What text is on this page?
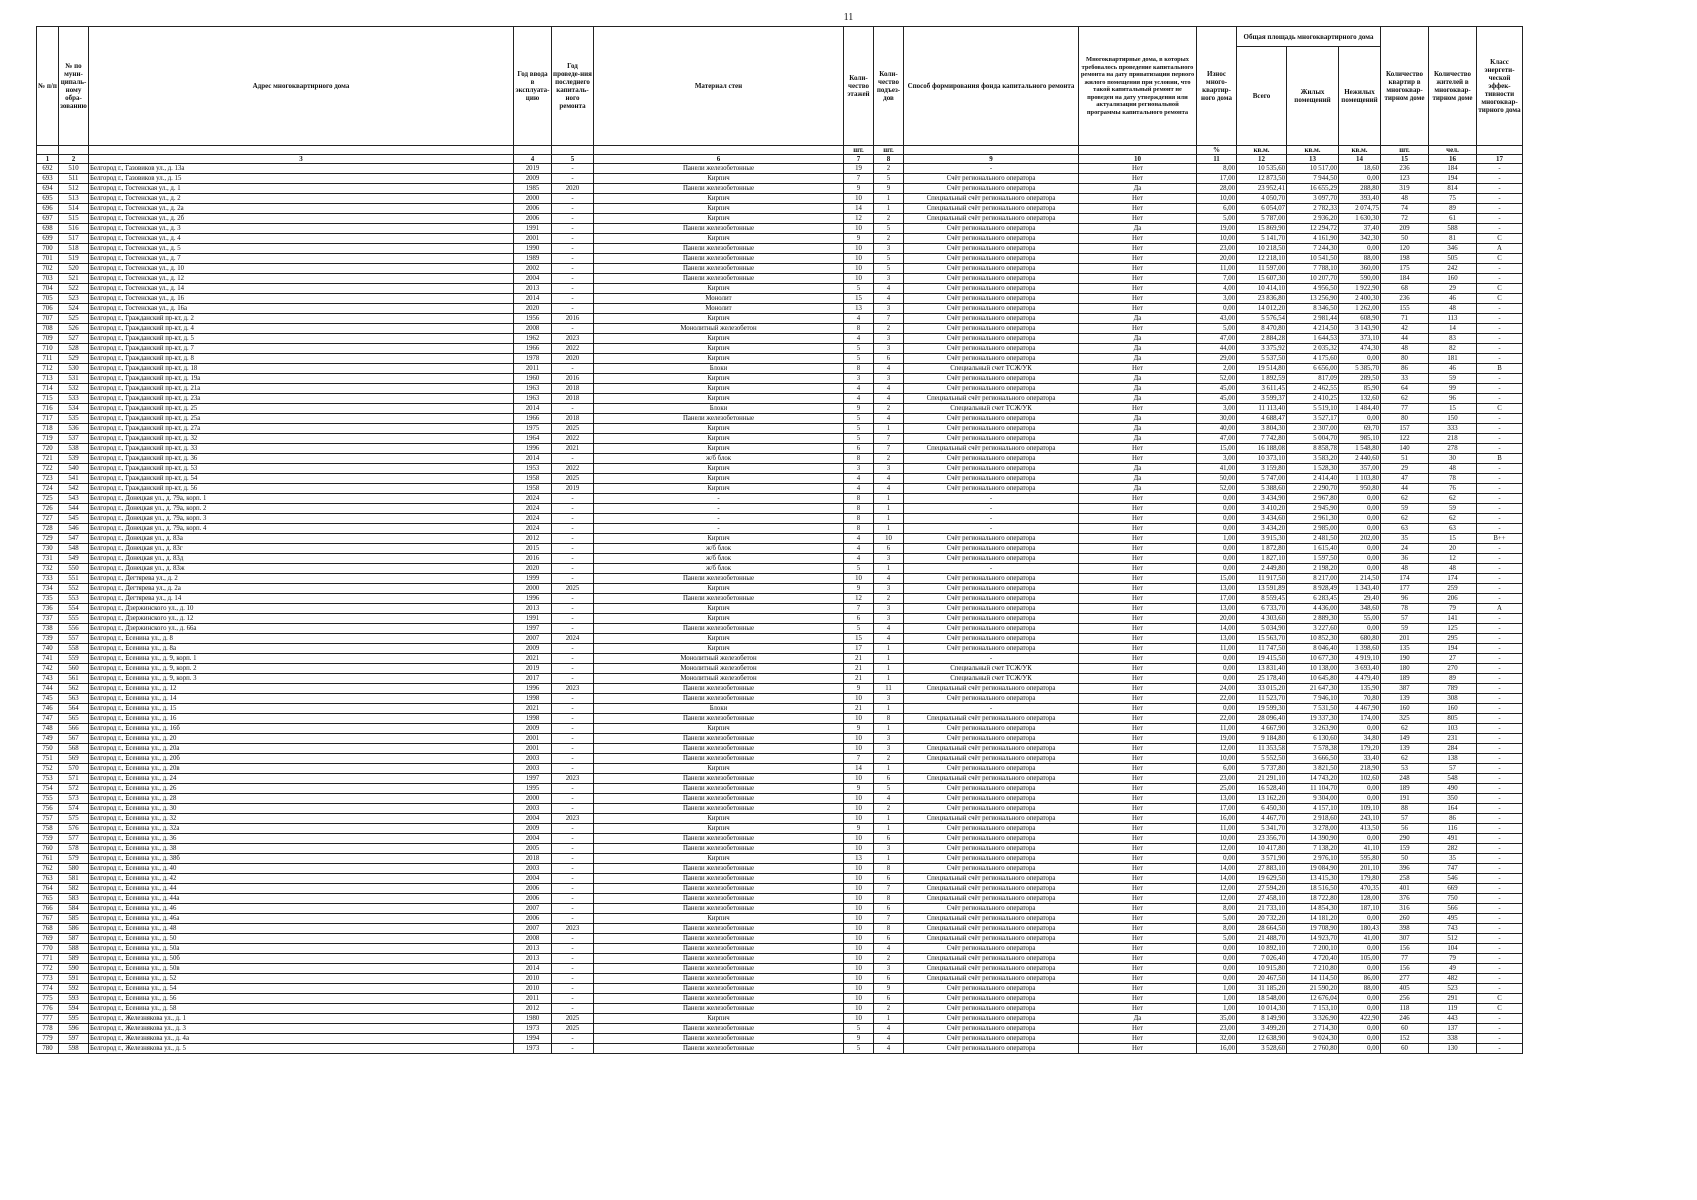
11
№ п/п	№ по муни-ципаль-ному обра-зованию	Адрес многоквартирного дома	Год ввода в эксплуата-цию	Год проведе-ния последнего капиталь-ного ремонта	Материал стен	Коли-чество этажей	Коли-чество подъез-дов	Способ формирования фонда капитального ремонта	Многоквартирные дома, в которых требовалось проведение капитального ремонта на дату приватизации первого жилого помещения при условии, что такой капитальный ремонт не проведен на дату утверждения или актуализации региональной программы капитального ремонта	Износ много-квартир-ного дома	Общая площадь многоквартирного дома			Количество квартир в многоквар-тирном доме	Количество жителей в многоквар-тирном доме	Класс энергети-ческой эффек-тивности многоквар-тирного дома
											Всего	Жилых помещений	Нежилых помещений			
						шт.	шт.			%	кв.м.	кв.м.	кв.м.	шт.	чел.	
1	2	3	4	5	6	7	8	9	10	11	12	13	14	15	16	17
692	510	Белгород г., Газовиков ул., д. 13а	2019	-	Панели железобетонные	19	2	-	Нет	8,00	10 535,60	10 517,00	18,60	236	184	-
693	511	Белгород г., Газовиков ул., д. 15	2009	-	Кирпич	7	5	Счёт регионального оператора	Нет	17,00	12 873,50	7 944,50	0,00	123	194	-
694	512	Белгород г., Гостенская ул., д. 1	1985	2020	Панели железобетонные	9	9	Счёт регионального оператора	Да	28,00	23 952,41	16 655,29	288,80	319	814	-
695	513	Белгород г., Гостенская ул., д. 2	2000	-	Кирпич	10	1	Специальный счёт регионального оператора	Нет	10,00	4 050,70	3 097,70	393,40	48	75	-
696	514	Белгород г., Гостенская ул., д. 2а	2006	-	Кирпич	14	1	Специальный счёт регионального оператора	Нет	6,00	6 054,07	2 782,33	2 074,75	74	89	-
697	515	Белгород г., Гостенская ул., д. 2б	2006	-	Кирпич	12	2	Специальный счёт регионального оператора	Нет	5,00	5 787,00	2 936,20	1 630,30	72	61	-
698	516	Белгород г., Гостенская ул., д. 3	1991	-	Панели железобетонные	10	5	Счёт регионального оператора	Да	19,00	15 869,90	12 294,72	37,40	209	588	-
699	517	Белгород г., Гостенская ул., д. 4	2001	-	Кирпич	9	2	Счёт регионального оператора	Нет	10,00	5 141,70	4 161,90	342,30	50	81	С
700	518	Белгород г., Гостенская ул., д. 5	1990	-	Панели железобетонные	10	3	Счёт регионального оператора	Нет	23,00	10 218,50	7 244,30	0,00	120	346	А
701	519	Белгород г., Гостенская ул., д. 7	1989	-	Панели железобетонные	10	5	Счёт регионального оператора	Нет	20,00	12 218,10	10 541,50	88,00	198	505	С
702	520	Белгород г., Гостенская ул., д. 10	2002	-	Панели железобетонные	10	5	Счёт регионального оператора	Нет	11,00	11 597,00	7 788,10	360,00	175	242	-
703	521	Белгород г., Гостенская ул., д. 12	2004	-	Панели железобетонные	10	3	Счёт регионального оператора	Нет	7,00	15 607,30	10 207,70	590,00	184	160	-
704	522	Белгород г., Гостенская ул., д. 14	2013	-	Кирпич	5	4	Счёт регионального оператора	Нет	4,00	10 414,10	4 956,50	1 922,90	68	29	С
705	523	Белгород г., Гостенская ул., д. 16	2014	-	Монолит	15	4	Счёт регионального оператора	Нет	3,00	23 836,80	13 256,90	2 400,30	236	46	С
706	524	Белгород г., Гостенская ул., д. 16а	2020	-	Монолит	13	3	Счёт регионального оператора	Нет	0,00	14 012,20	8 346,50	1 262,00	155	48	-
707	525	Белгород г., Гражданский пр-кт, д. 2	1956	2016	Кирпич	4	7	Счёт регионального оператора	Да	43,00	5 576,54	2 981,44	608,90	71	113	-
708	526	Белгород г., Гражданский пр-кт, д. 4	2008	-	Монолитный железобетон	8	2	Счёт регионального оператора	Нет	5,00	8 470,80	4 214,50	3 143,90	42	14	-
709	527	Белгород г., Гражданский пр-кт, д. 5	1962	2023	Кирпич	4	3	Счёт регионального оператора	Да	47,00	2 884,28	1 644,53	373,10	44	83	-
710	528	Белгород г., Гражданский пр-кт, д. 7	1966	2022	Кирпич	5	3	Счёт регионального оператора	Да	44,00	3 375,92	2 035,32	474,30	48	82	-
711	529	Белгород г., Гражданский пр-кт, д. 8	1978	2020	Кирпич	5	6	Счёт регионального оператора	Да	29,00	5 537,50	4 175,60	0,00	80	181	-
712	530	Белгород г., Гражданский пр-кт, д. 18	2011	-	Блоки	8	4	Специальный счет ТСЖ/УК	Нет	2,00	19 514,80	6 656,00	5 385,70	86	46	В
713	531	Белгород г., Гражданский пр-кт, д. 19а	1960	2016	Кирпич	3	3	Счёт регионального оператора	Да	52,00	1 892,59	817,09	289,50	33	59	-
714	532	Белгород г., Гражданский пр-кт, д. 21а	1963	2018	Кирпич	4	4	Счёт регионального оператора	Да	45,00	3 611,45	2 462,55	85,90	64	99	-
715	533	Белгород г., Гражданский пр-кт, д. 23а	1963	2018	Кирпич	4	4	Специальный счёт регионального оператора	Да	45,00	3 599,37	2 410,25	132,60	62	96	-
716	534	Белгород г., Гражданский пр-кт, д. 25	2014	-	Блоки	9	2	Специальный счет ТСЖ/УК	Нет	3,00	11 113,40	5 519,10	1 484,40	77	15	С
717	535	Белгород г., Гражданский пр-кт, д. 25а	1966	2018	Панели железобетонные	5	4	Счёт регионального оператора	Да	30,00	4 688,47	3 527,17	0,00	80	150	-
718	536	Белгород г., Гражданский пр-кт, д. 27а	1975	2025	Кирпич	5	1	Счёт регионального оператора	Да	40,00	3 804,30	2 307,00	69,70	157	333	-
719	537	Белгород г., Гражданский пр-кт, д. 32	1964	2022	Кирпич	5	7	Счёт регионального оператора	Да	47,00	7 742,80	5 004,70	985,10	122	218	-
720	538	Белгород г., Гражданский пр-кт, д. 33	1996	2021	Кирпич	6	7	Специальный счёт регионального оператора	Нет	15,00	16 188,08	8 858,78	1 548,80	140	278	-
721	539	Белгород г., Гражданский пр-кт, д. 36	2014	-	ж/б блок	8	2	Счёт регионального оператора	Нет	3,00	10 373,10	3 583,20	2 440,60	51	30	В
722	540	Белгород г., Гражданский пр-кт, д. 53	1953	2022	Кирпич	3	3	Счёт регионального оператора	Да	41,00	3 159,80	1 528,30	357,00	29	48	-
723	541	Белгород г., Гражданский пр-кт, д. 54	1958	2025	Кирпич	4	4	Счёт регионального оператора	Да	50,00	5 747,00	2 414,40	1 103,80	47	78	-
724	542	Белгород г., Гражданский пр-кт, д. 56	1958	2019	Кирпич	4	4	Счёт регионального оператора	Да	52,00	5 388,60	2 290,70	950,80	44	76	-
725	543	Белгород г., Донецкая ул., д. 79а, корп. 1	2024	-	-	8	1	-	Нет	0,00	3 434,90	2 967,80	0,00	62	62	-
726	544	Белгород г., Донецкая ул., д. 79а, корп. 2	2024	-	-	8	1	-	Нет	0,00	3 410,20	2 945,90	0,00	59	59	-
727	545	Белгород г., Донецкая ул., д. 79а, корп. 3	2024	-	-	8	1	-	Нет	0,00	3 434,60	2 961,30	0,00	62	62	-
728	546	Белгород г., Донецкая ул., д. 79а, корп. 4	2024	-	-	8	1	-	Нет	0,00	3 434,20	2 985,00	0,00	63	63	-
729	547	Белгород г., Донецкая ул., д. 83а	2012	-	Кирпич	4	10	Счёт регионального оператора	Нет	1,00	3 915,30	2 481,50	202,00	35	15	В++
730	548	Белгород г., Донецкая ул., д. 83г	2015	-	ж/б блок	4	6	Счёт регионального оператора	Нет	0,00	1 872,80	1 615,40	0,00	24	20	-
731	549	Белгород г., Донецкая ул., д. 83д	2016	-	ж/б блок	4	3	Счёт регионального оператора	Нет	0,00	1 827,10	1 597,50	0,00	36	12	-
732	550	Белгород г., Донецкая ул., д. 83ж	2020	-	ж/б блок	5	1	-	Нет	0,00	2 449,80	2 198,20	0,00	48	48	-
733	551	Белгород г., Дегтярева ул., д. 2	1999	-	Панели железобетонные	10	4	Счёт регионального оператора	Нет	15,00	11 917,50	8 217,00	214,50	174	174	-
734	552	Белгород г., Дегтярева ул., д. 2а	2000	2025	Кирпич	9	3	Счёт регионального оператора	Нет	13,00	13 591,89	8 928,49	1 343,40	177	259	-
735	553	Белгород г., Дегтярева ул., д. 14	1996	-	Панели железобетонные	12	2	Счёт регионального оператора	Нет	17,00	8 559,45	6 283,45	29,40	96	206	-
736	554	Белгород г., Дзержинского ул., д. 10	2013	-	Кирпич	7	3	Счёт регионального оператора	Нет	13,00	6 733,70	4 436,00	348,60	78	79	А
737	555	Белгород г., Дзержинского ул., д. 12	1991	-	Кирпич	6	3	Счёт регионального оператора	Нет	20,00	4 303,60	2 889,30	55,00	57	141	-
738	556	Белгород г., Дзержинского ул., д. 66а	1997	-	Панели железобетонные	5	4	Счёт регионального оператора	Нет	14,00	5 034,90	3 227,60	0,00	59	125	-
739	557	Белгород г., Есенина ул., д. 8	2007	2024	Кирпич	15	4	Счёт регионального оператора	Нет	13,00	15 563,70	10 852,30	680,80	201	295	-
740	558	Белгород г., Есенина ул., д. 8а	2009	-	Кирпич	17	1	Счёт регионального оператора	Нет	11,00	11 747,50	8 046,40	1 398,60	135	194	-
741	559	Белгород г., Есенина ул., д. 9, корп. 1	2021	-	Монолитный железобетон	21	1	-	Нет	0,00	19 415,50	10 677,30	4 919,10	190	27	-
742	560	Белгород г., Есенина ул., д. 9, корп. 2	2019	-	Монолитный железобетон	21	1	Специальный счет ТСЖ/УК	Нет	0,00	13 831,40	10 138,00	3 693,40	180	270	-
743	561	Белгород г., Есенина ул., д. 9, корп. 3	2017	-	Монолитный железобетон	21	1	Специальный счет ТСЖ/УК	Нет	0,00	25 178,40	10 645,80	4 479,40	189	89	-
744	562	Белгород г., Есенина ул., д. 12	1996	2023	Панели железобетонные	9	11	Специальный счёт регионального оператора	Нет	24,00	33 015,20	21 647,30	135,90	387	789	-
745	563	Белгород г., Есенина ул., д. 14	1998	-	Панели железобетонные	10	3	Счёт регионального оператора	Нет	22,00	11 523,70	7 946,10	70,80	139	308	-
746	564	Белгород г., Есенина ул., д. 15	2021	-	Блоки	21	1	-	Нет	0,00	19 599,30	7 531,50	4 467,90	160	160	-
747	565	Белгород г., Есенина ул., д. 16	1998	-	Панели железобетонные	10	8	Специальный счёт регионального оператора	Нет	22,00	28 096,40	19 337,30	174,00	325	805	-
748	566	Белгород г., Есенина ул., д. 16б	2009	-	Кирпич	9	1	Счёт регионального оператора	Нет	11,00	4 667,90	3 263,90	0,00	62	103	-
749	567	Белгород г., Есенина ул., д. 20	2001	-	Панели железобетонные	10	3	Счёт регионального оператора	Нет	19,00	9 184,80	6 130,60	34,80	149	231	-
750	568	Белгород г., Есенина ул., д. 20а	2001	-	Панели железобетонные	10	3	Специальный счёт регионального оператора	Нет	12,00	11 353,58	7 578,38	179,20	139	284	-
751	569	Белгород г., Есенина ул., д. 20б	2003	-	Панели железобетонные	7	2	Специальный счёт регионального оператора	Нет	10,00	5 552,50	3 666,50	33,40	62	138	-
752	570	Белгород г., Есенина ул., д. 20в	2003	-	Кирпич	14	1	Счёт регионального оператора	Нет	6,00	5 737,80	3 821,50	218,90	53	57	-
753	571	Белгород г., Есенина ул., д. 24	1997	2023	Панели железобетонные	10	6	Специальный счёт регионального оператора	Нет	23,00	21 291,10	14 743,20	102,60	248	548	-
754	572	Белгород г., Есенина ул., д. 26	1995	-	Панели железобетонные	9	5	Счёт регионального оператора	Нет	25,00	16 528,40	11 104,70	0,00	189	490	-
755	573	Белгород г., Есенина ул., д. 28	2000	-	Панели железобетонные	10	4	Счёт регионального оператора	Нет	13,00	13 162,20	9 304,00	0,00	191	350	-
756	574	Белгород г., Есенина ул., д. 30	2003	-	Панели железобетонные	10	2	Счёт регионального оператора	Нет	17,00	6 450,30	4 157,10	109,10	88	164	-
757	575	Белгород г., Есенина ул., д. 32	2004	2023	Кирпич	10	1	Специальный счёт регионального оператора	Нет	16,00	4 467,70	2 918,60	243,10	57	86	-
758	576	Белгород г., Есенина ул., д. 32а	2009	-	Кирпич	9	1	Счёт регионального оператора	Нет	11,00	5 341,70	3 278,00	413,50	56	116	-
759	577	Белгород г., Есенина ул., д. 36	2004	-	Панели железобетонные	10	6	Счёт регионального оператора	Нет	10,00	23 356,70	14 390,90	0,00	290	491	-
760	578	Белгород г., Есенина ул., д. 38	2005	-	Панели железобетонные	10	3	Счёт регионального оператора	Нет	12,00	10 417,80	7 138,20	41,10	159	282	-
761	579	Белгород г., Есенина ул., д. 38б	2018	-	Кирпич	13	1	Счёт регионального оператора	Нет	0,00	3 571,90	2 976,10	595,80	50	35	-
762	580	Белгород г., Есенина ул., д. 40	2003	-	Панели железобетонные	10	8	Счёт регионального оператора	Нет	14,00	27 883,10	19 084,90	201,10	396	747	-
763	581	Белгород г., Есенина ул., д. 42	2004	-	Панели железобетонные	10	6	Специальный счёт регионального оператора	Нет	14,00	19 629,50	13 415,30	179,80	258	546	-
764	582	Белгород г., Есенина ул., д. 44	2006	-	Панели железобетонные	10	7	Специальный счёт регионального оператора	Нет	12,00	27 594,20	18 516,50	470,35	401	669	-
765	583	Белгород г., Есенина ул., д. 44а	2006	-	Панели железобетонные	10	8	Специальный счёт регионального оператора	Нет	12,00	27 458,10	18 722,80	128,00	376	750	-
766	584	Белгород г., Есенина ул., д. 46	2007	-	Панели железобетонные	10	6	Счёт регионального оператора	Нет	8,00	21 733,10	14 854,30	187,10	316	566	-
767	585	Белгород г., Есенина ул., д. 46а	2006	-	Кирпич	10	7	Специальный счёт регионального оператора	Нет	5,00	20 732,20	14 181,20	0,00	260	495	-
768	586	Белгород г., Есенина ул., д. 48	2007	2023	Панели железобетонные	10	8	Специальный счёт регионального оператора	Нет	8,00	28 664,50	19 708,90	180,43	398	743	-
769	587	Белгород г., Есенина ул., д. 50	2008	-	Панели железобетонные	10	6	Специальный счёт регионального оператора	Нет	5,00	21 488,70	14 923,70	41,00	307	512	-
770	588	Белгород г., Есенина ул., д. 50а	2013	-	Панели железобетонные	10	4	Счёт регионального оператора	Нет	0,00	10 892,10	7 200,10	0,00	156	104	-
771	589	Белгород г., Есенина ул., д. 50б	2013	-	Панели железобетонные	10	2	Специальный счёт регионального оператора	Нет	0,00	7 026,40	4 720,40	105,00	77	79	-
772	590	Белгород г., Есенина ул., д. 50в	2014	-	Панели железобетонные	10	3	Специальный счёт регионального оператора	Нет	0,00	10 915,80	7 210,80	0,00	156	49	-
773	591	Белгород г., Есенина ул., д. 52	2010	-	Панели железобетонные	10	6	Специальный счёт регионального оператора	Нет	0,00	20 467,50	14 114,50	86,00	277	482	-
774	592	Белгород г., Есенина ул., д. 54	2010	-	Панели железобетонные	10	9	Счёт регионального оператора	Нет	1,00	31 185,20	21 590,20	88,00	405	523	-
775	593	Белгород г., Есенина ул., д. 56	2011	-	Панели железобетонные	10	6	Счёт регионального оператора	Нет	1,00	18 548,00	12 676,04	0,00	256	291	С
776	594	Белгород г., Есенина ул., д. 58	2012	-	Панели железобетонные	10	2	Счёт регионального оператора	Нет	1,00	10 014,30	7 153,10	0,00	118	119	С
777	595	Белгород г., Железнякова ул., д. 1	1980	2025	Кирпич	10	1	Счёт регионального оператора	Да	35,00	8 149,90	3 326,90	422,90	246	443	-
778	596	Белгород г., Железнякова ул., д. 3	1973	2025	Панели железобетонные	5	4	Счёт регионального оператора	Нет	23,00	3 499,20	2 714,30	0,00	60	137	-
779	597	Белгород г., Железнякова ул., д. 4а	1994	-	Панели железобетонные	9	4	Счёт регионального оператора	Нет	32,00	12 638,90	9 024,30	0,00	152	338	-
780	598	Белгород г., Железнякова ул., д. 5	1973	-	Панели железобетонные	5	4	Счёт регионального оператора	Нет	16,00	3 528,60	2 760,80	0,00	60	130	-
